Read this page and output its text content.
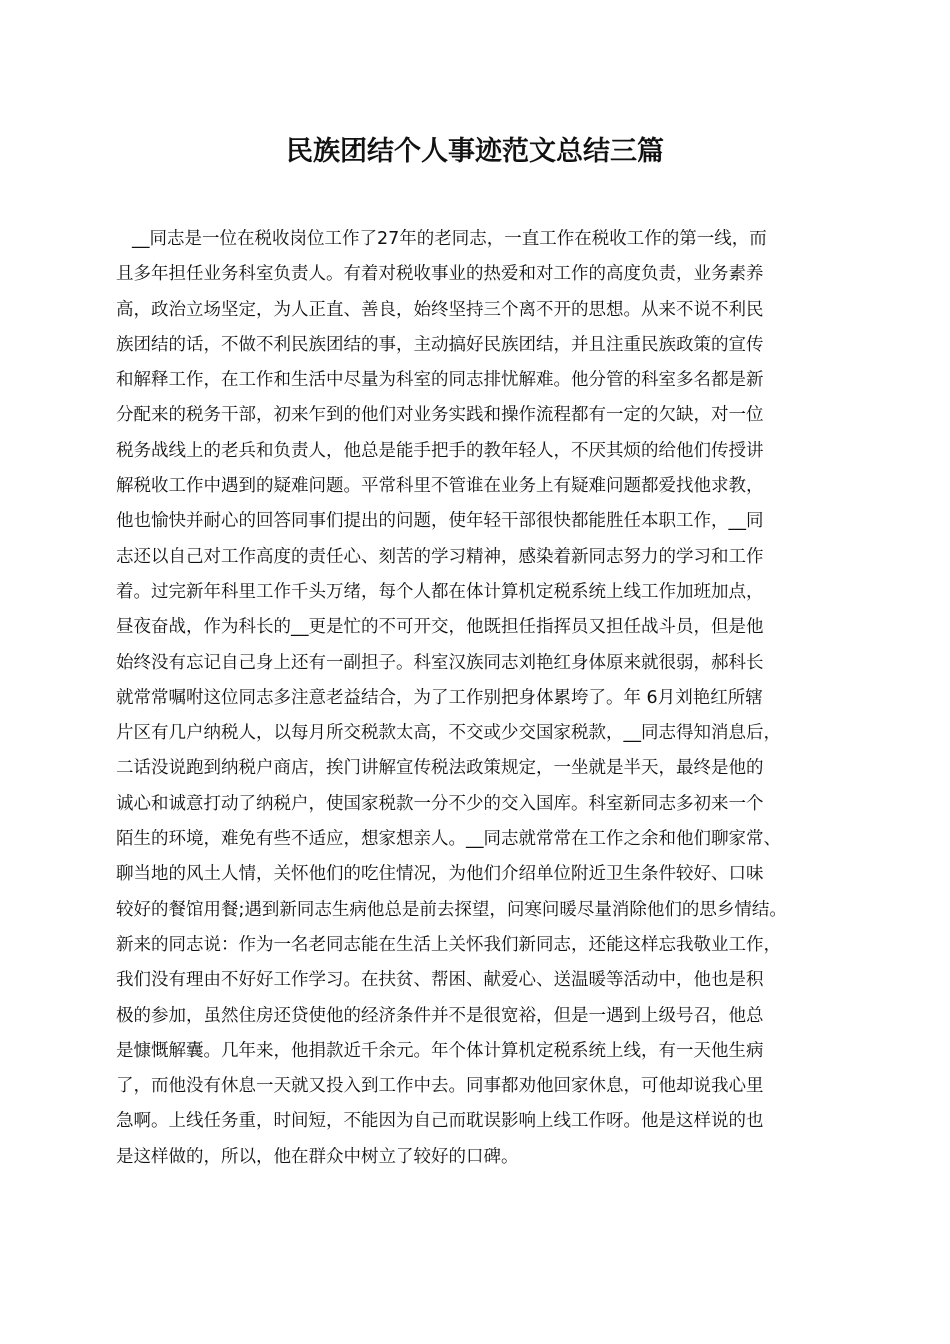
民族团结个人事迹范文总结三篇
__同志是一位在税收岗位工作了27年的老同志，一直工作在税收工作的第一线，而
且多年担任业务科室负责人。有着对税收事业的热爱和对工作的高度负责，业务素养
高，政治立场坚定，为人正直、善良，始终坚持三个离不开的思想。从来不说不利民
族团结的话，不做不利民族团结的事，主动搞好民族团结，并且注重民族政策的宣传
和解释工作，在工作和生活中尽量为科室的同志排忧解难。他分管的科室多名都是新
分配来的税务干部，初来乍到的他们对业务实践和操作流程都有一定的欠缺，对一位
税务战线上的老兵和负责人，他总是能手把手的教年轻人，不厌其烦的给他们传授讲
解税收工作中遇到的疑难问题。平常科里不管谁在业务上有疑难问题都爱找他求教，
他也愉快并耐心的回答同事们提出的问题，使年轻干部很快都能胜任本职工作，__同
志还以自己对工作高度的责任心、刻苦的学习精神，感染着新同志努力的学习和工作
着。过完新年科里工作千头万绪，每个人都在体计算机定税系统上线工作加班加点，
昼夜奋战，作为科长的__更是忙的不可开交，他既担任指挥员又担任战斗员，但是他
始终没有忘记自己身上还有一副担子。科室汉族同志刘艳红身体原来就很弱，郝科长
就常常嘱咐这位同志多注意老益结合，为了工作别把身体累垮了。年 6月刘艳红所辖
片区有几户纳税人，以每月所交税款太高，不交或少交国家税款，__同志得知消息后，
二话没说跑到纳税户商店，挨门讲解宣传税法政策规定，一坐就是半天，最终是他的
诚心和诚意打动了纳税户，使国家税款一分不少的交入国库。科室新同志多初来一个
陌生的环境，难免有些不适应，想家想亲人。__同志就常常在工作之余和他们聊家常、
聊当地的风土人情，关怀他们的吃住情况，为他们介绍单位附近卫生条件较好、口味
较好的餐馆用餐;遇到新同志生病他总是前去探望，问寒问暖尽量消除他们的思乡情结。
新来的同志说：作为一名老同志能在生活上关怀我们新同志，还能这样忘我敬业工作，
我们没有理由不好好工作学习。在扶贫、帮困、献爱心、送温暖等活动中，他也是积
极的参加，虽然住房还贷使他的经济条件并不是很宽裕，但是一遇到上级号召，他总
是慷慨解囊。几年来，他捐款近千余元。年个体计算机定税系统上线，有一天他生病
了，而他没有休息一天就又投入到工作中去。同事都劝他回家休息，可他却说我心里
急啊。上线任务重，时间短，不能因为自己而耽误影响上线工作呀。他是这样说的也
是这样做的，所以，他在群众中树立了较好的口碑。
